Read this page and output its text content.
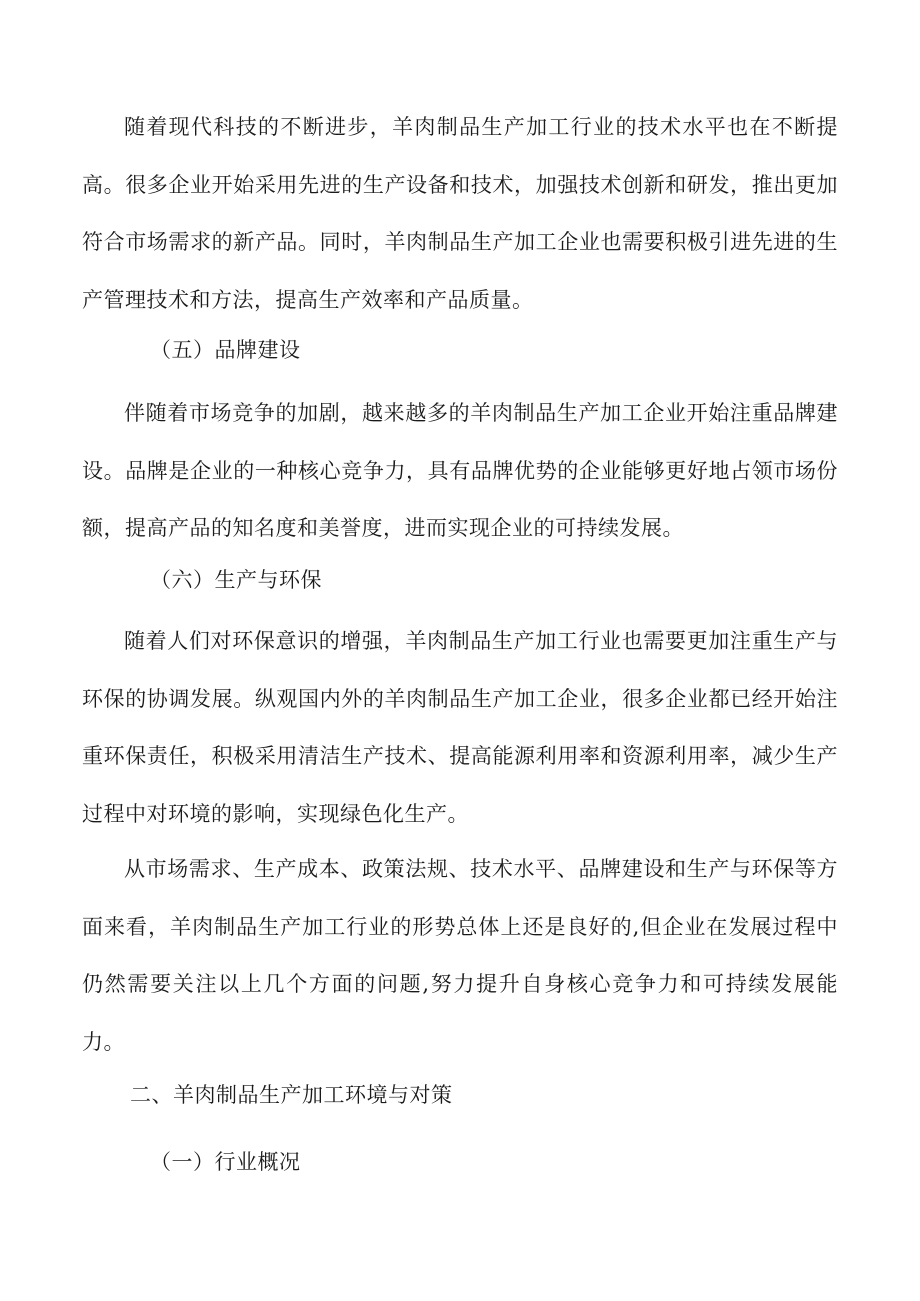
随着现代科技的不断进步，羊肉制品生产加工行业的技术水平也在不断提高。很多企业开始采用先进的生产设备和技术，加强技术创新和研发，推出更加符合市场需求的新产品。同时，羊肉制品生产加工企业也需要积极引进先进的生产管理技术和方法，提高生产效率和产品质量。

（五）品牌建设

伴随着市场竞争的加剧，越来越多的羊肉制品生产加工企业开始注重品牌建设。品牌是企业的一种核心竞争力，具有品牌优势的企业能够更好地占领市场份额，提高产品的知名度和美誉度，进而实现企业的可持续发展。

（六）生产与环保

随着人们对环保意识的增强，羊肉制品生产加工行业也需要更加注重生产与环保的协调发展。纵观国内外的羊肉制品生产加工企业，很多企业都已经开始注重环保责任，积极采用清洁生产技术、提高能源利用率和资源利用率，减少生产过程中对环境的影响，实现绿色化生产。

从市场需求、生产成本、政策法规、技术水平、品牌建设和生产与环保等方面来看，羊肉制品生产加工行业的形势总体上还是良好的,但企业在发展过程中仍然需要关注以上几个方面的问题,努力提升自身核心竞争力和可持续发展能力。

二、羊肉制品生产加工环境与对策
（一）行业概况
